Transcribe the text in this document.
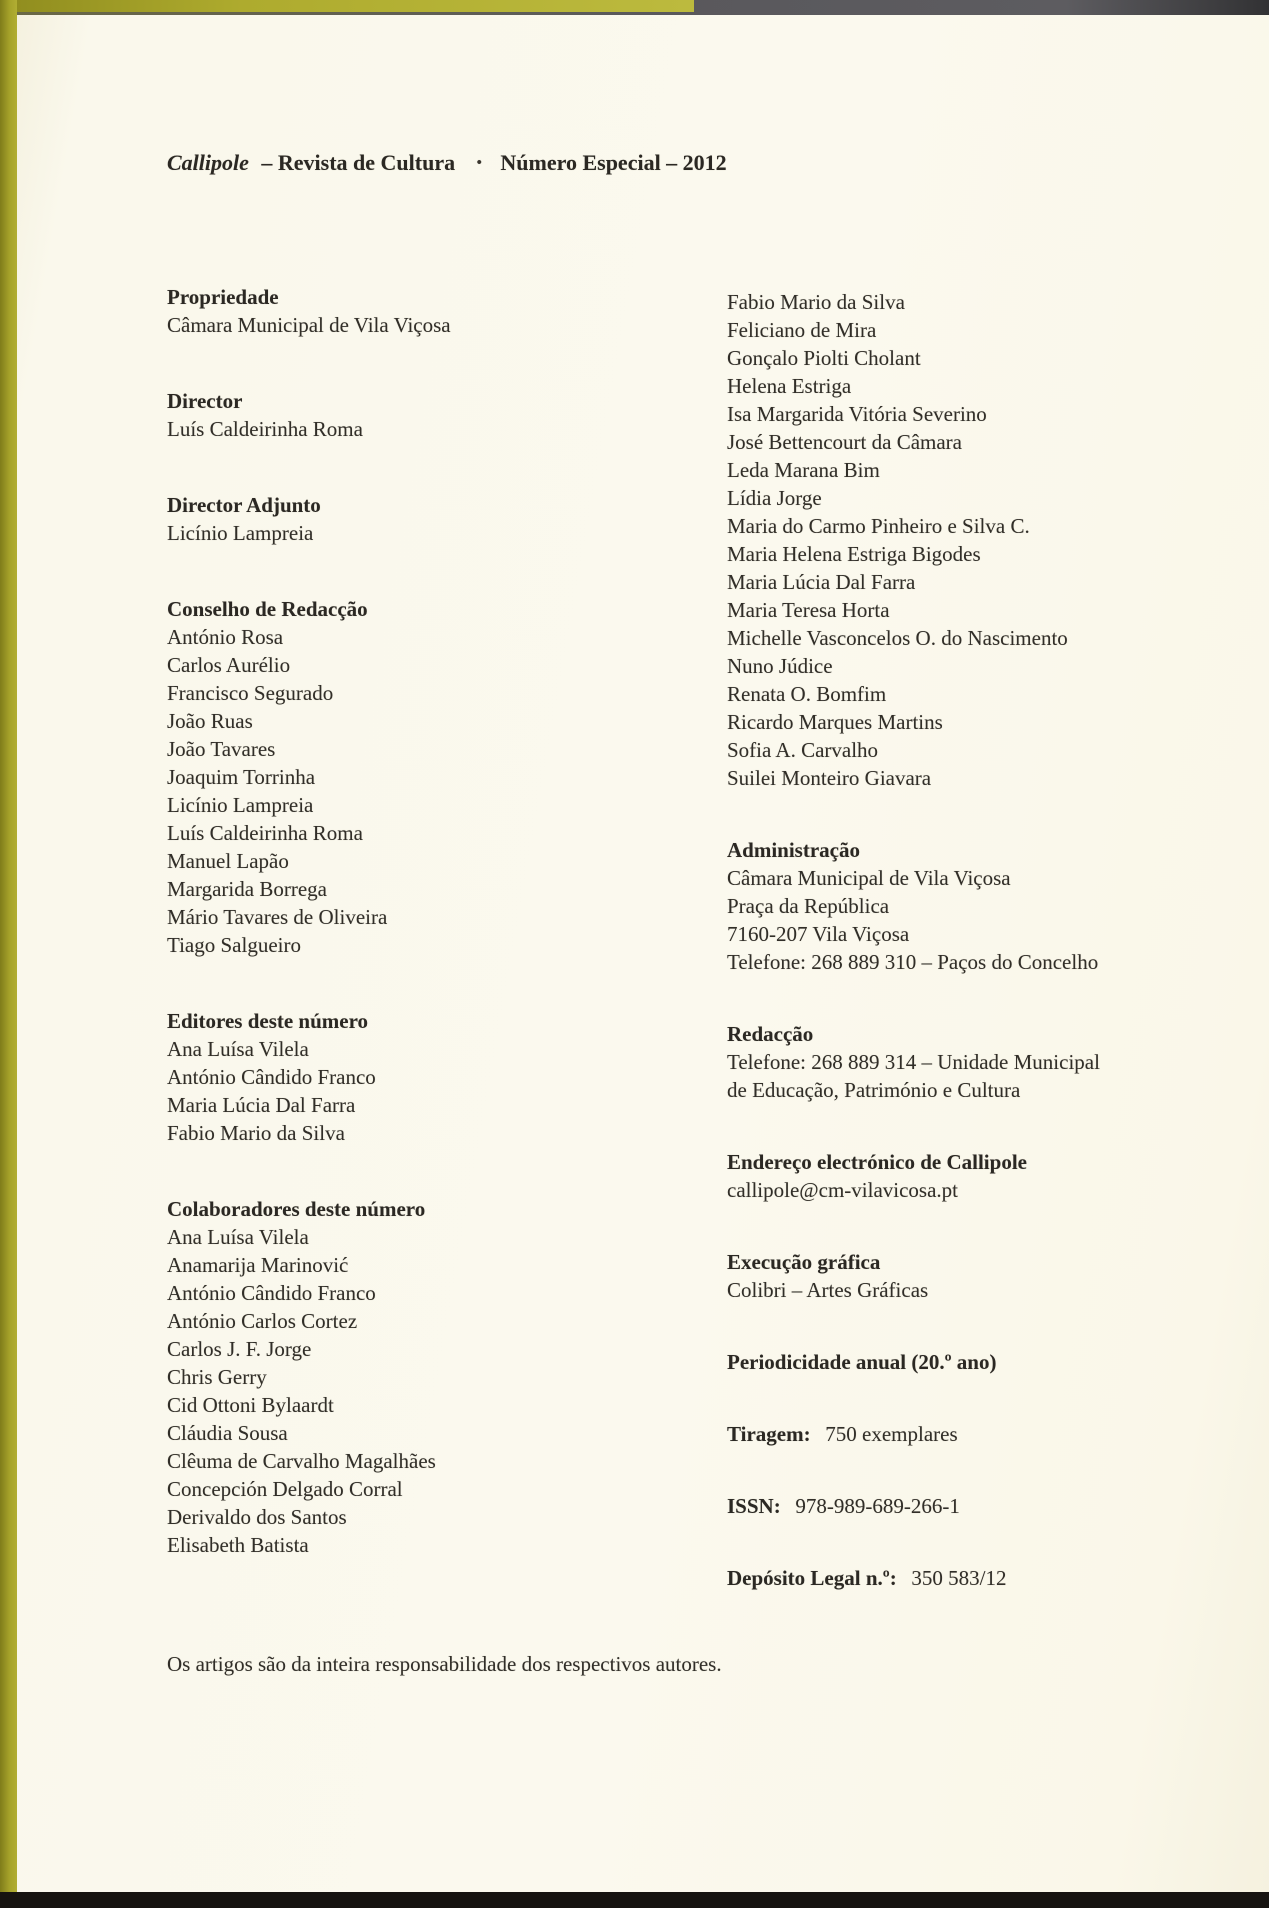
Callipole – Revista de Cultura • Número Especial – 2012

Propriedade

Câmara Municipal de Vila Viçosa

Director

Luís Caldeirinha Roma

Director Adjunto

Licínio Lampreia

Conselho de Redacção

António Rosa

Carlos Aurélio

Francisco Segurado

João Ruas

João Tavares

Joaquim Torrinha

Licínio Lampreia

Luís Caldeirinha Roma

Manuel Lapão

Margarida Borrega

Mário Tavares de Oliveira

Tiago Salgueiro

Editores deste número

Ana Luísa Vilela

António Cândido Franco

Maria Lúcia Dal Farra

Fabio Mario da Silva

Colaboradores deste número

Ana Luísa Vilela

Anamarija Marinović

António Cândido Franco

António Carlos Cortez

Carlos J. F. Jorge

Chris Gerry

Cid Ottoni Bylaardt

Cláudia Sousa

Clêuma de Carvalho Magalhães

Concepción Delgado Corral

Derivaldo dos Santos

Elisabeth Batista

Fabio Mario da Silva

Feliciano de Mira

Gonçalo Piolti Cholant

Helena Estriga

Isa Margarida Vitória Severino

José Bettencourt da Câmara

Leda Marana Bim

Lídia Jorge

Maria do Carmo Pinheiro e Silva C.

Maria Helena Estriga Bigodes

Maria Lúcia Dal Farra

Maria Teresa Horta

Michelle Vasconcelos O. do Nascimento

Nuno Júdice

Renata O. Bomfim

Ricardo Marques Martins

Sofia A. Carvalho

Suilei Monteiro Giavara

Administração

Câmara Municipal de Vila Viçosa

Praça da República

7160-207 Vila Viçosa

Telefone: 268 889 310 – Paços do Concelho

Redacção

Telefone: 268 889 314 – Unidade Municipal

de Educação, Património e Cultura

Endereço electrónico de Callipole

callipole@cm-vilavicosa.pt

Execução gráfica

Colibri – Artes Gráficas

Periodicidade anual (20.º ano)

Tiragem: 750 exemplares

ISSN: 978-989-689-266-1

Depósito Legal n.º: 350 583/12

Os artigos são da inteira responsabilidade dos respectivos autores.
